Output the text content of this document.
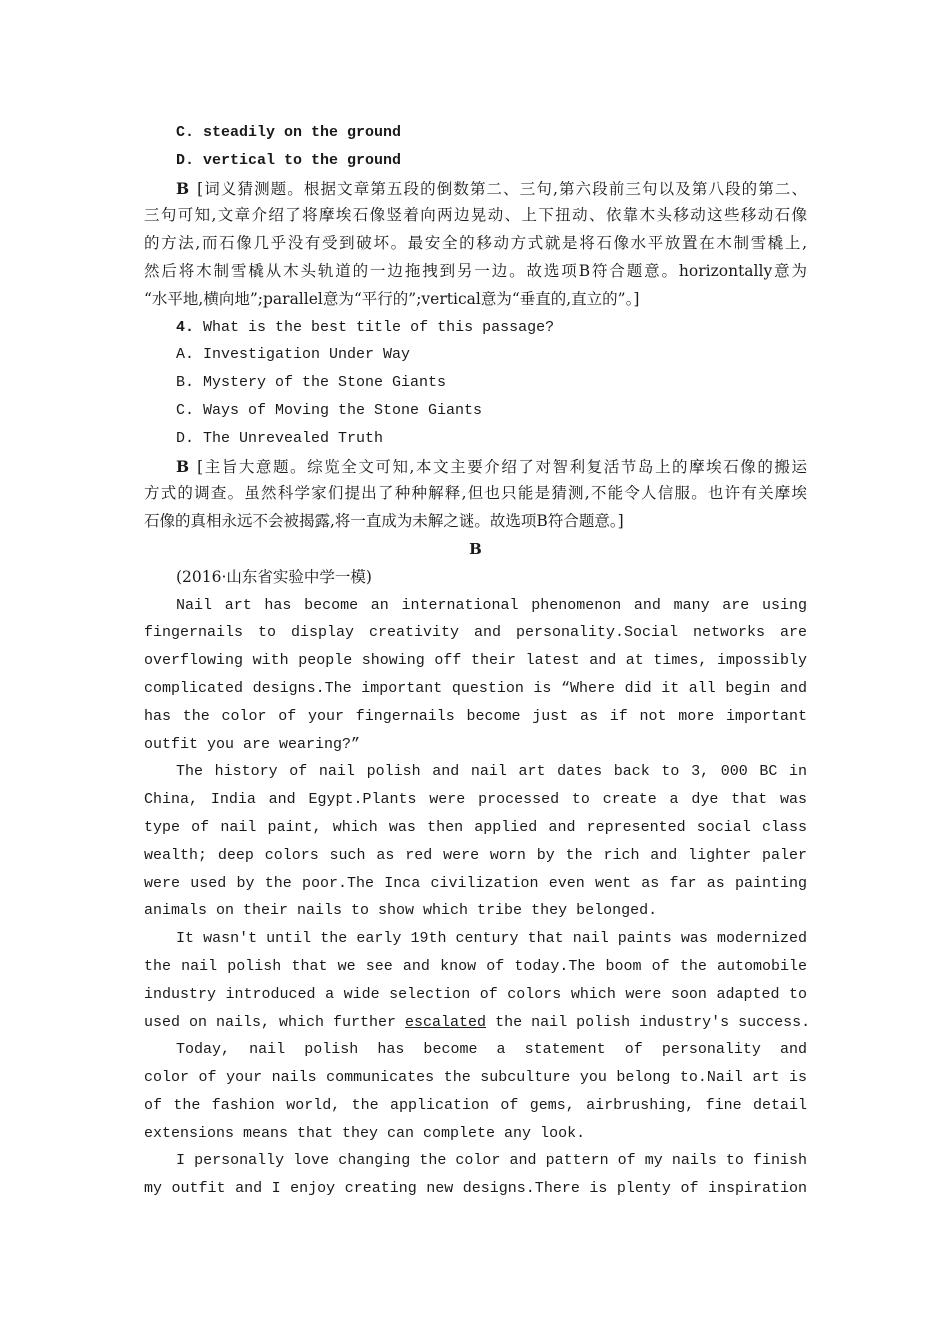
C. steadily on the ground
D. vertical to the ground
B [词义猜测题。根据文章第五段的倒数第二、三句,第六段前三句以及第八段的第二、
三句可知,文章介绍了将摩埃石像竖着向两边晃动、上下扭动、依靠木头移动这些移动石像
的方法,而石像几乎没有受到破坏。最安全的移动方式就是将石像水平放置在木制雪橇上,
然后将木制雪橇从木头轨道的一边拖拽到另一边。故选项B符合题意。horizontally意为
“水平地,横向地”;parallel意为“平行的”;vertical意为“垂直的,直立的”。]
4. What is the best title of this passage?
A. Investigation Under Way
B. Mystery of the Stone Giants
C. Ways of Moving the Stone Giants
D. The Unrevealed Truth
B [主旨大意题。综览全文可知,本文主要介绍了对智利复活节岛上的摩埃石像的搬运
方式的调查。虽然科学家们提出了种种解释,但也只能是猜测,不能令人信服。也许有关摩埃
石像的真相永远不会被揭露,将一直成为未解之谜。故选项B符合题意。]
B
(2016·山东省实验中学一模)
Nail art has become an international phenomenon and many are using
fingernails to display creativity and personality.Social networks are
overflowing with people showing off their latest and at times, impossibly
complicated designs.The important question is “Where did it all begin and
has the color of your fingernails become just as if not more important
outfit you are wearing?”
The history of nail polish and nail art dates back to 3, 000 BC in
China, India and Egypt.Plants were processed to create a dye that was
type of nail paint, which was then applied and represented social class
wealth; deep colors such as red were worn by the rich and lighter paler
were used by the poor.The Inca civilization even went as far as painting
animals on their nails to show which tribe they belonged.
It wasn't until the early 19th century that nail paints was modernized
the nail polish that we see and know of today.The boom of the automobile
industry introduced a wide selection of colors which were soon adapted to
used on nails, which further escalated the nail polish industry's success.
Today, nail polish has become a statement of personality and
color of your nails communicates the subculture you belong to.Nail art is
of the fashion world, the application of gems, airbrushing, fine detail
extensions means that they can complete any look.
I personally love changing the color and pattern of my nails to finish
my outfit and I enjoy creating new designs.There is plenty of inspiration
